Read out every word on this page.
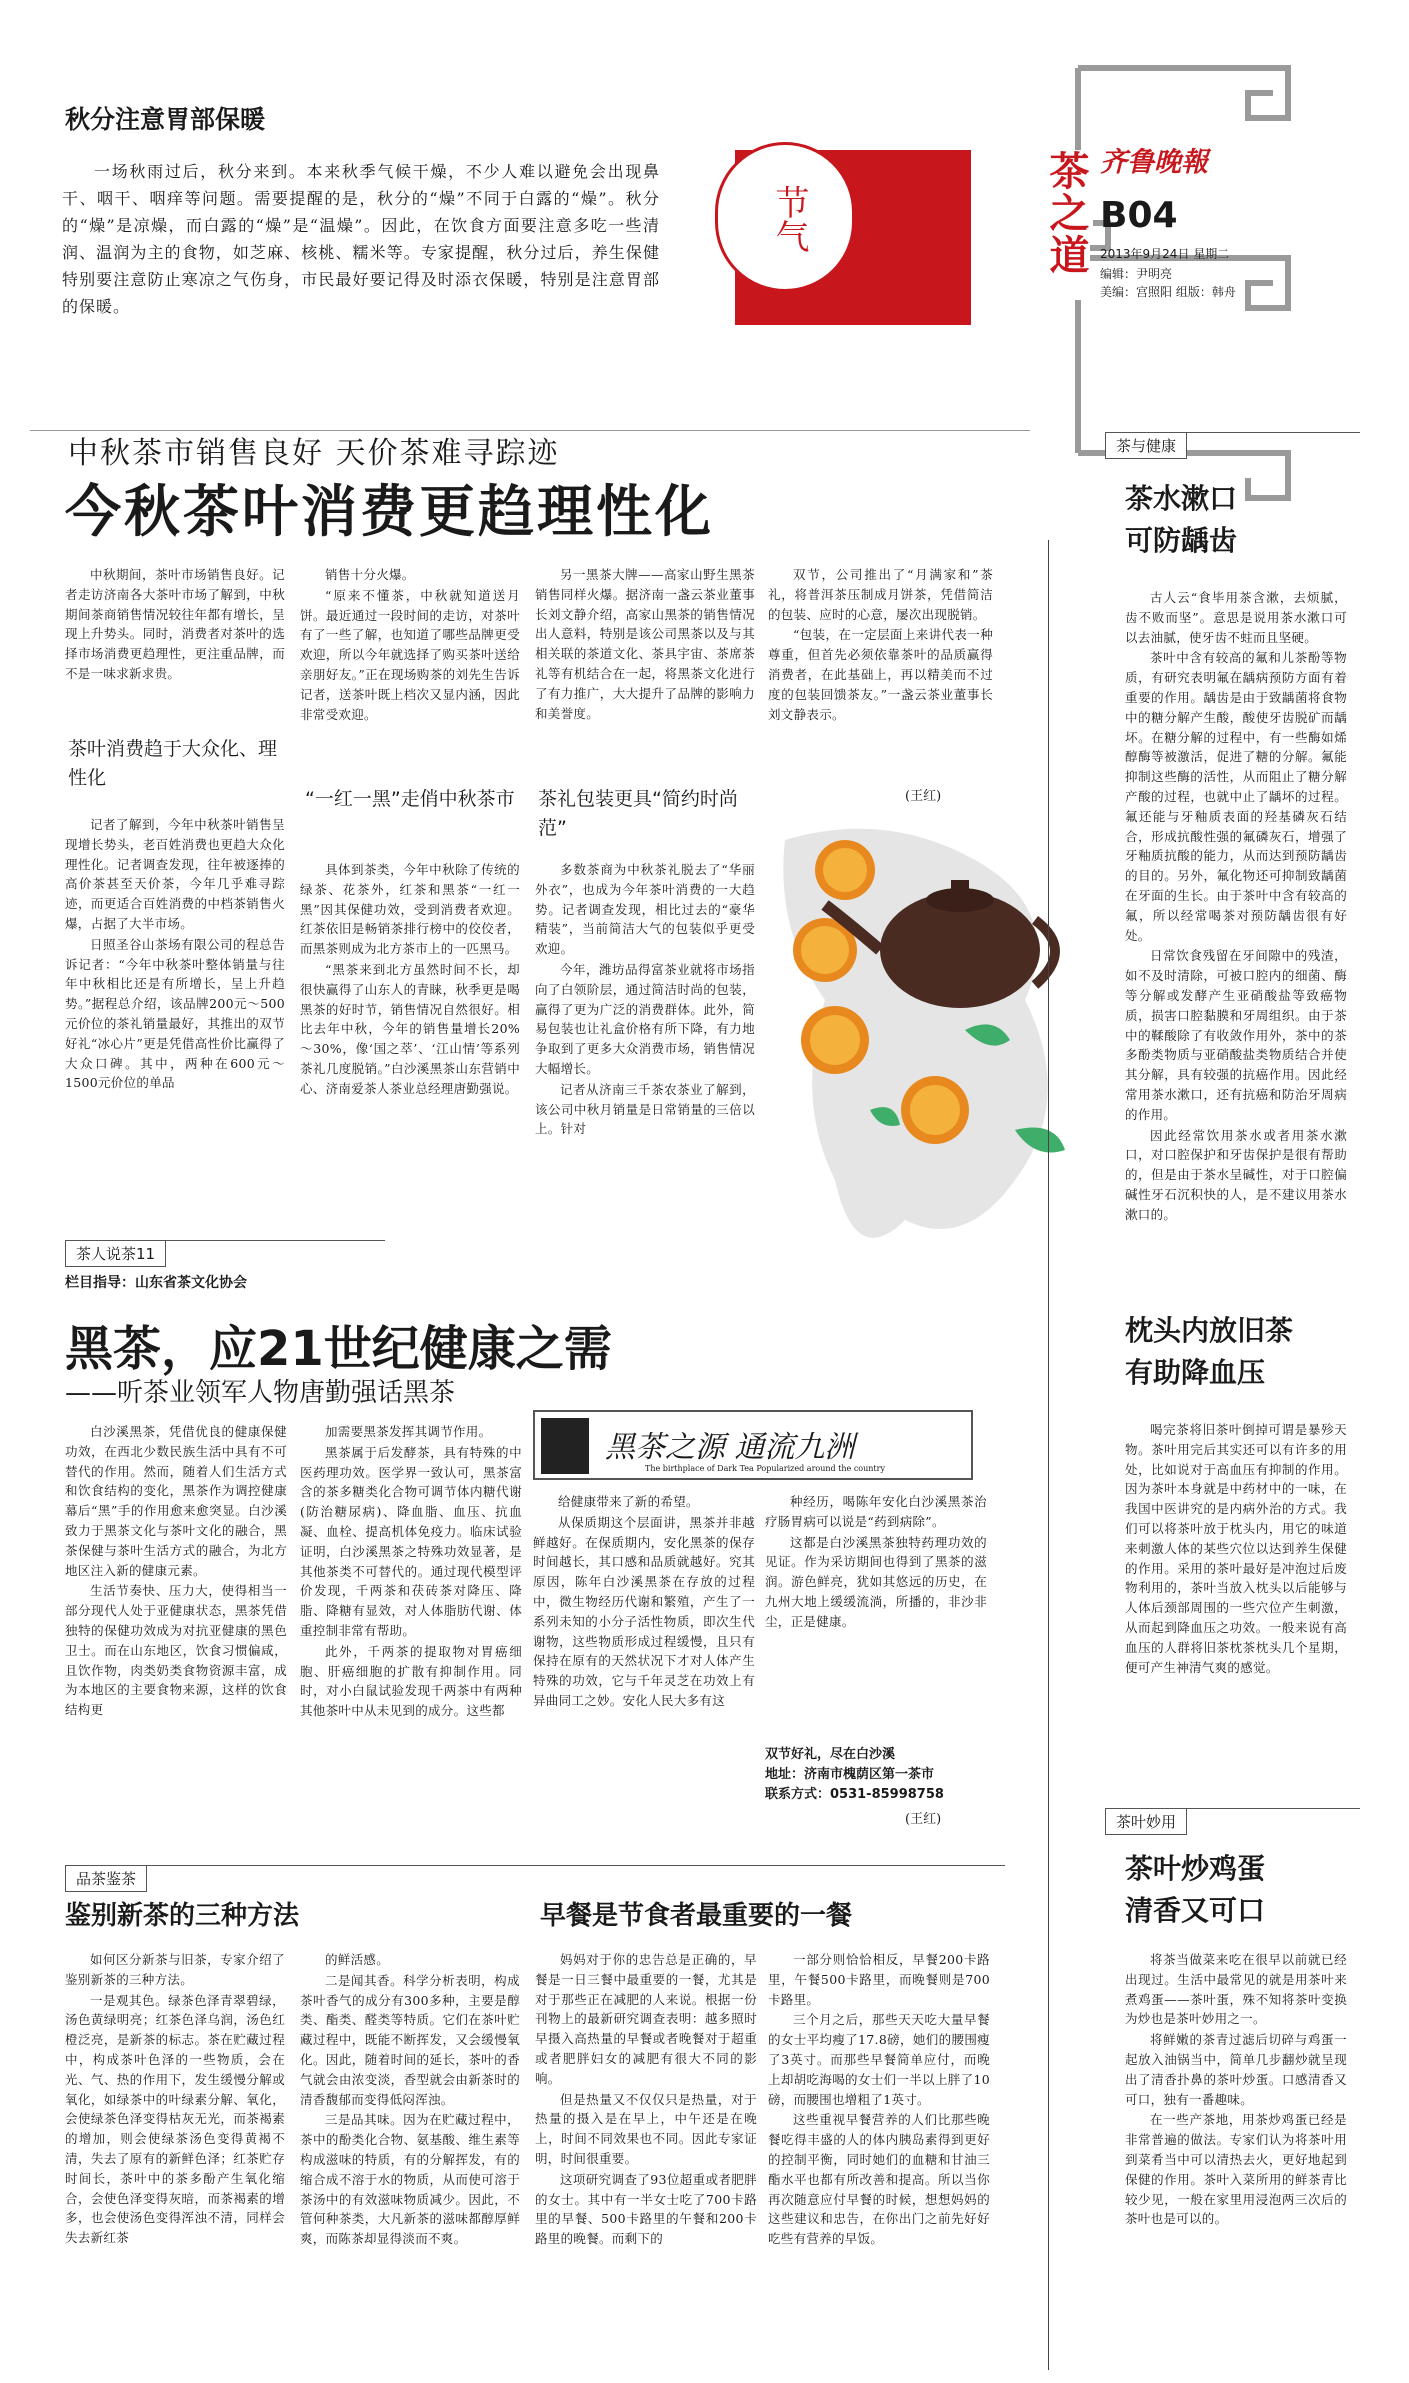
齐鲁晚報
B04
茶之道 2013年9月24日 星期二
编辑：尹明亮
美编：宫照阳 组版：韩舟
秋分注意胃部保暖
一场秋雨过后，秋分来到。本来秋季气候干燥，不少人难以避免会出现鼻干、咽干、咽痒等问题。需要提醒的是，秋分的“燥”不同于白露的“燥”。秋分的“燥”是凉燥，而白露的“燥”是“温燥”。因此，在饮食方面要注意多吃一些清润、温润为主的食物，如芝麻、核桃、糯米等。专家提醒，秋分过后，养生保健特别要注意防止寒凉之气伤身，市民最好要记得及时添衣保暖，特别是注意胃部的保暖。
节气
中秋茶市销售良好 天价茶难寻踪迹
今秋茶叶消费更趋理性化

中秋期间，茶叶市场销售良好。记者走访济南各大茶叶市场了解到，中秋期间茶商销售情况较往年都有增长，呈现上升势头。同时，消费者对茶叶的选择市场消费更趋理性，更注重品牌，而不是一味求新求贵。

茶叶消费趋于大众化、理性化

记者了解到，今年中秋茶叶销售呈现增长势头，老百姓消费也更趋大众化理性化。记者调查发现，往年被逐捧的高价茶甚至天价茶，今年几乎难寻踪迹，而更适合百姓消费的中档茶销售火爆，占据了大半市场。

日照圣谷山茶场有限公司的程总告诉记者：“今年中秋茶叶整体销量与往年中秋相比还是有所增长，呈上升趋势。”据程总介绍，该品牌200元～500元价位的茶礼销量最好，其推出的双节好礼“冰心片”更是凭借高性价比赢得了大众口碑。其中，两种在600元～1500元价位的单品

销售十分火爆。

“原来不懂茶，中秋就知道送月饼。最近通过一段时间的走访，对茶叶有了一些了解，也知道了哪些品牌更受欢迎，所以今年就选择了购买茶叶送给亲朋好友。”正在现场购茶的刘先生告诉记者，送茶叶既上档次又显内涵，因此非常受欢迎。

“一红一黑”走俏中秋茶市

具体到茶类，今年中秋除了传统的绿茶、花茶外，红茶和黑茶“一红一黑”因其保健功效，受到消费者欢迎。红茶依旧是畅销茶排行榜中的佼佼者，而黑茶则成为北方茶市上的一匹黑马。

“黑茶来到北方虽然时间不长，却很快赢得了山东人的青睐，秋季更是喝黑茶的好时节，销售情况自然很好。相比去年中秋，今年的销售量增长20%～30%，像‘国之萃’、‘江山情’等系列茶礼几度脱销。”白沙溪黑茶山东营销中心、济南爱茶人茶业总经理唐勤强说。

另一黑茶大牌——高家山野生黑茶销售同样火爆。据济南一盏云茶业董事长刘文静介绍，高家山黑茶的销售情况出人意料，特别是该公司黑茶以及与其相关联的茶道文化、茶具宇宙、茶席茶礼等有机结合在一起，将黑茶文化进行了有力推广，大大提升了品牌的影响力和美誉度。

茶礼包装更具“简约时尚范”

多数茶商为中秋茶礼脱去了“华丽外衣”，也成为今年茶叶消费的一大趋势。记者调查发现，相比过去的“豪华精装”，当前简洁大气的包装似乎更受欢迎。

今年，潍坊品得富茶业就将市场指向了白领阶层，通过简洁时尚的包装，赢得了更为广泛的消费群体。此外，简易包装也让礼盒价格有所下降，有力地争取到了更多大众消费市场，销售情况大幅增长。

记者从济南三千茶农茶业了解到，该公司中秋月销量是日常销量的三倍以上。针对

双节，公司推出了“月满家和”茶礼，将普洱茶压制成月饼茶，凭借简洁的包装、应时的心意，屡次出现脱销。

“包装，在一定层面上来讲代表一种尊重，但首先必须依靠茶叶的品质赢得消费者，在此基础上，再以精美而不过度的包装回馈茶友。”一盏云茶业董事长刘文静表示。

(王红)
茶人说茶11
栏目指导：山东省茶文化协会
黑茶，应21世纪健康之需
——听茶业领军人物唐勤强话黑茶
黑茶之源 通流九洲
The birthplace of Dark Tea Popularized around the country

白沙溪黑茶，凭借优良的健康保健功效，在西北少数民族生活中具有不可替代的作用。然而，随着人们生活方式和饮食结构的变化，黑茶作为调控健康幕后“黑”手的作用愈来愈突显。白沙溪致力于黑茶文化与茶叶文化的融合，黑茶保健与茶叶生活方式的融合，为北方地区注入新的健康元素。

生活节奏快、压力大，使得相当一部分现代人处于亚健康状态，黑茶凭借独特的保健功效成为对抗亚健康的黑色卫士。而在山东地区，饮食习惯偏咸，且饮作物，肉类奶类食物资源丰富，成为本地区的主要食物来源，这样的饮食结构更

加需要黑茶发挥其调节作用。

黑茶属于后发酵茶，具有特殊的中医药理功效。医学界一致认可，黑茶富含的茶多糖类化合物可调节体内糖代谢(防治糖尿病)、降血脂、血压、抗血凝、血栓、提高机体免疫力。临床试验证明，白沙溪黑茶之特殊功效显著，是其他茶类不可替代的。通过现代模型评价发现，千两茶和茯砖茶对降压、降脂、降糖有显效，对人体脂肪代谢、体重控制非常有帮助。

此外，千两茶的提取物对胃癌细胞、肝癌细胞的扩散有抑制作用。同时，对小白鼠试验发现千两茶中有两种其他茶叶中从未见到的成分。这些都

给健康带来了新的希望。

从保质期这个层面讲，黑茶并非越鲜越好。在保质期内，安化黑茶的保存时间越长，其口感和品质就越好。究其原因，陈年白沙溪黑茶在存放的过程中，微生物经历代谢和繁殖，产生了一系列未知的小分子活性物质，即次生代谢物，这些物质形成过程缓慢，且只有保持在原有的天然状况下才对人体产生特殊的功效，它与千年灵芝在功效上有异曲同工之妙。安化人民大多有这

种经历，喝陈年安化白沙溪黑茶治疗肠胃病可以说是“药到病除”。

这都是白沙溪黑茶独特药理功效的见证。作为采访期间也得到了黑茶的滋润。游色鲜亮，犹如其悠远的历史，在九州大地上缓缓流淌，所播的，非沙非尘，正是健康。

双节好礼，尽在白沙溪
地址：济南市槐荫区第一茶市
联系方式：0531-85998758
(王红)
品茶鉴茶
鉴别新茶的三种方法

如何区分新茶与旧茶，专家介绍了鉴别新茶的三种方法。

一是观其色。绿茶色泽青翠碧绿，汤色黄绿明亮；红茶色泽乌润，汤色红橙泛亮，是新茶的标志。茶在贮藏过程中，构成茶叶色泽的一些物质，会在光、气、热的作用下，发生缓慢分解或氧化，如绿茶中的叶绿素分解、氧化，会使绿茶色泽变得枯灰无光，而茶褐素的增加，则会使绿茶汤色变得黄褐不清，失去了原有的新鲜色泽；红茶贮存时间长，茶叶中的茶多酚产生氧化缩合，会使色泽变得灰暗，而茶褐素的增多，也会使汤色变得浑浊不清，同样会失去新红茶

的鲜活感。

二是闻其香。科学分析表明，构成茶叶香气的成分有300多种，主要是醇类、酯类、醛类等特质。它们在茶叶贮藏过程中，既能不断挥发，又会缓慢氧化。因此，随着时间的延长，茶叶的香气就会由浓变淡，香型就会由新茶时的清香馥郁而变得低闷浑浊。

三是品其味。因为在贮藏过程中，茶中的酚类化合物、氨基酸、维生素等构成滋味的特质，有的分解挥发，有的缩合成不溶于水的物质，从而使可溶于茶汤中的有效滋味物质减少。因此，不管何种茶类，大凡新茶的滋味都醇厚鲜爽，而陈茶却显得淡而不爽。

早餐是节食者最重要的一餐

妈妈对于你的忠告总是正确的，早餐是一日三餐中最重要的一餐，尤其是对于那些正在减肥的人来说。根据一份刊物上的最新研究调查表明：越多照时早摄入高热量的早餐或者晚餐对于超重或者肥胖妇女的减肥有很大不同的影响。

但是热量又不仅仅只是热量，对于热量的摄入是在早上，中午还是在晚上，时间不同效果也不同。因此专家证明，时间很重要。

这项研究调查了93位超重或者肥胖的女士。其中有一半女士吃了700卡路里的早餐、500卡路里的午餐和200卡路里的晚餐。而剩下的

一部分则恰恰相反，早餐200卡路里，午餐500卡路里，而晚餐则是700卡路里。

三个月之后，那些天天吃大量早餐的女士平均瘦了17.8磅，她们的腰围瘦了3英寸。而那些早餐简单应付，而晚上却胡吃海喝的女士们一半以上胖了10磅，而腰围也增粗了1英寸。

这些重视早餐营养的人们比那些晚餐吃得丰盛的人的体内胰岛素得到更好的控制平衡，同时她们的血糖和甘油三酯水平也都有所改善和提高。所以当你再次随意应付早餐的时候，想想妈妈的这些建议和忠告，在你出门之前先好好吃些有营养的早饭。

茶与健康
茶水漱口
可防龋齿

古人云“食毕用茶含漱，去烦腻，齿不败而坚”。意思是说用茶水漱口可以去油腻，使牙齿不蛀而且坚硬。

茶叶中含有较高的氟和儿茶酚等物质，有研究表明氟在龋病预防方面有着重要的作用。龋齿是由于致龋菌将食物中的糖分解产生酸，酸使牙齿脱矿而龋坏。在糖分解的过程中，有一些酶如烯醇酶等被激活，促进了糖的分解。氟能抑制这些酶的活性，从而阻止了糖分解产酸的过程，也就中止了龋坏的过程。氟还能与牙釉质表面的羟基磷灰石结合，形成抗酸性强的氟磷灰石，增强了牙釉质抗酸的能力，从而达到预防龋齿的目的。另外，氟化物还可抑制致龋菌在牙面的生长。由于茶叶中含有较高的氟，所以经常喝茶对预防龋齿很有好处。

日常饮食残留在牙间隙中的残渣，如不及时清除，可被口腔内的细菌、酶等分解或发酵产生亚硝酸盐等致癌物质，损害口腔黏膜和牙周组织。由于茶中的鞣酸除了有收敛作用外，茶中的茶多酚类物质与亚硝酸盐类物质结合并使其分解，具有较强的抗癌作用。因此经常用茶水漱口，还有抗癌和防治牙周病的作用。

因此经常饮用茶水或者用茶水漱口，对口腔保护和牙齿保护是很有帮助的，但是由于茶水呈碱性，对于口腔偏碱性牙石沉积快的人，是不建议用茶水漱口的。

枕头内放旧茶
有助降血压

喝完茶将旧茶叶倒掉可谓是暴殄天物。茶叶用完后其实还可以有许多的用处，比如说对于高血压有抑制的作用。因为茶叶本身就是中药材中的一味，在我国中医讲究的是内病外治的方式。我们可以将茶叶放于枕头内，用它的味道来刺激人体的某些穴位以达到养生保健的作用。采用的茶叶最好是冲泡过后废物利用的，茶叶当放入枕头以后能够与人体后颈部周围的一些穴位产生刺激，从而起到降血压之功效。一般来说有高血压的人群将旧茶枕茶枕头几个星期，便可产生神清气爽的感觉。

茶叶妙用
茶叶炒鸡蛋
清香又可口

将茶当做菜来吃在很早以前就已经出现过。生活中最常见的就是用茶叶来煮鸡蛋——茶叶蛋，殊不知将茶叶变换为炒也是茶叶妙用之一。

将鲜嫩的茶青过滤后切碎与鸡蛋一起放入油锅当中，简单几步翻炒就呈现出了清香扑鼻的茶叶炒蛋。口感清香又可口，独有一番趣味。

在一些产茶地，用茶炒鸡蛋已经是非常普遍的做法。专家们认为将茶叶用到菜肴当中可以清热去火，更好地起到保健的作用。茶叶入菜所用的鲜茶青比较少见，一般在家里用浸泡两三次后的茶叶也是可以的。
